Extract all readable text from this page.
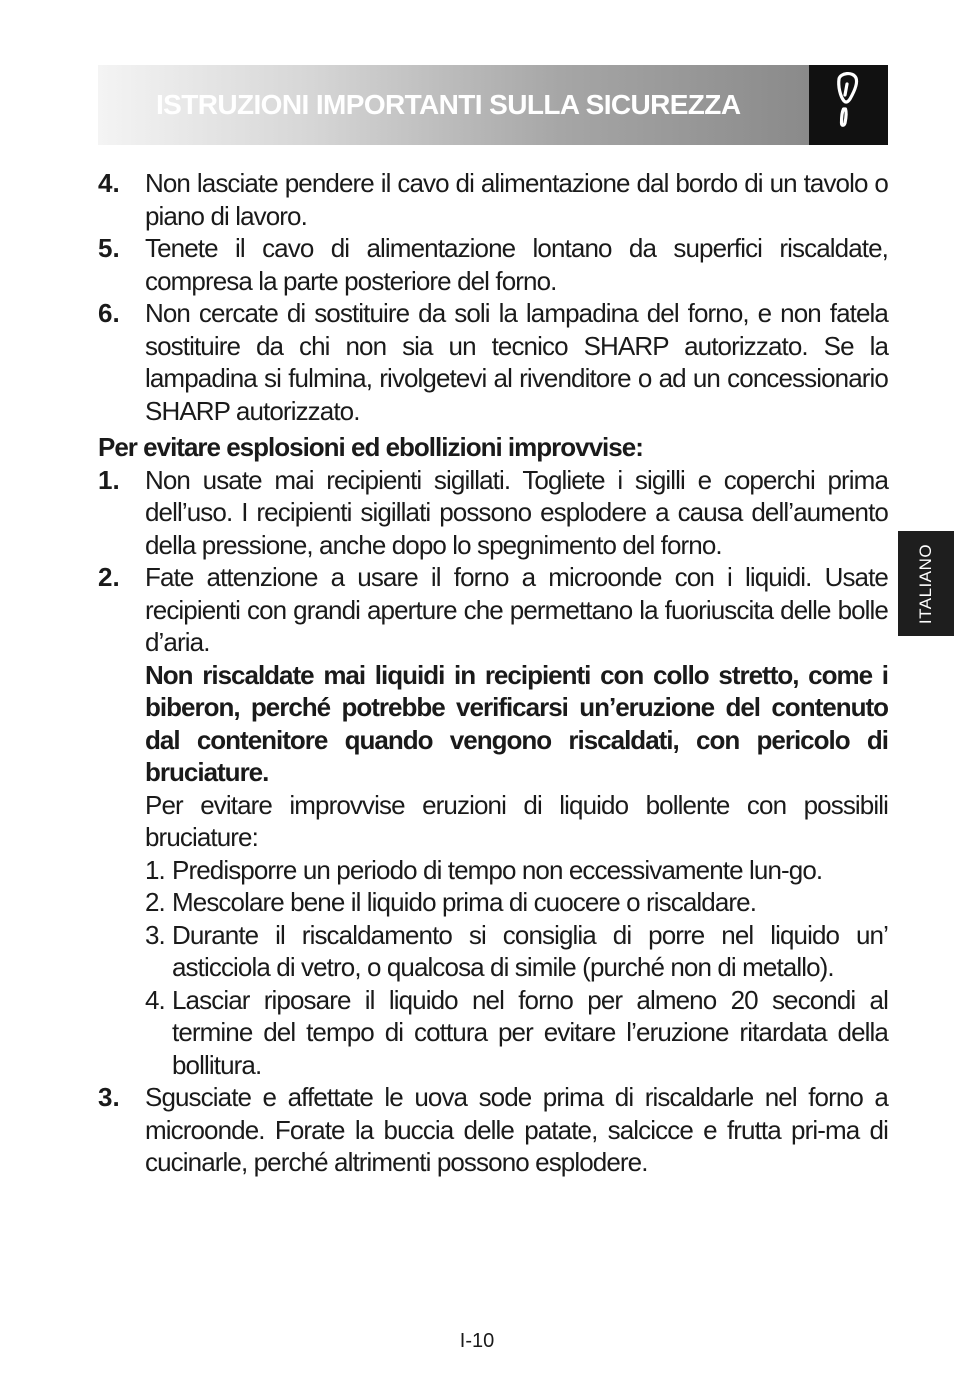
ISTRUZIONI IMPORTANTI SULLA SICUREZZA
4. Non lasciate pendere il cavo di alimentazione dal bordo di un tavolo o piano di lavoro.
5. Tenete il cavo di alimentazione lontano da superfici riscaldate, compresa la parte posteriore del forno.
6. Non cercate di sostituire da soli la lampadina del forno, e non fatela sostituire da chi non sia un tecnico SHARP autorizzato. Se la lampadina si fulmina, rivolgetevi al rivenditore o ad un concessionario SHARP autorizzato.
Per evitare esplosioni ed ebollizioni improvvise:
1. Non usate mai recipienti sigillati. Togliete i sigilli e coperchi prima dell’uso. I recipienti sigillati possono esplodere a causa dell’aumento della pressione, anche dopo lo spegnimento del forno.
2. Fate attenzione a usare il forno a microonde con i liquidi. Usate recipienti con grandi aperture che permettano la fuoriuscita delle bolle d’aria.
Non riscaldate mai liquidi in recipienti con collo stretto, come i biberon, perché potrebbe verificarsi un’eruzione del contenuto dal contenitore quando vengono riscaldati, con pericolo di bruciature.
Per evitare improvvise eruzioni di liquido bollente con possibili bruciature:
1. Predisporre un periodo di tempo non eccessivamente lun-go.
2. Mescolare bene il liquido prima di cuocere o riscaldare.
3. Durante il riscaldamento si consiglia di porre nel liquido un’ asticciola di vetro, o qualcosa di simile (purché non di metallo).
4. Lasciar riposare il liquido nel forno per almeno 20 secondi al termine del tempo di cottura per evitare l’eruzione ritardata della bollitura.
3. Sgusciate e affettate le uova sode prima di riscaldarle nel forno a microonde. Forate la buccia delle patate, salcicce e frutta pri-ma di cucinarle, perché altrimenti possono esplodere.
ITALIANO
I-10
